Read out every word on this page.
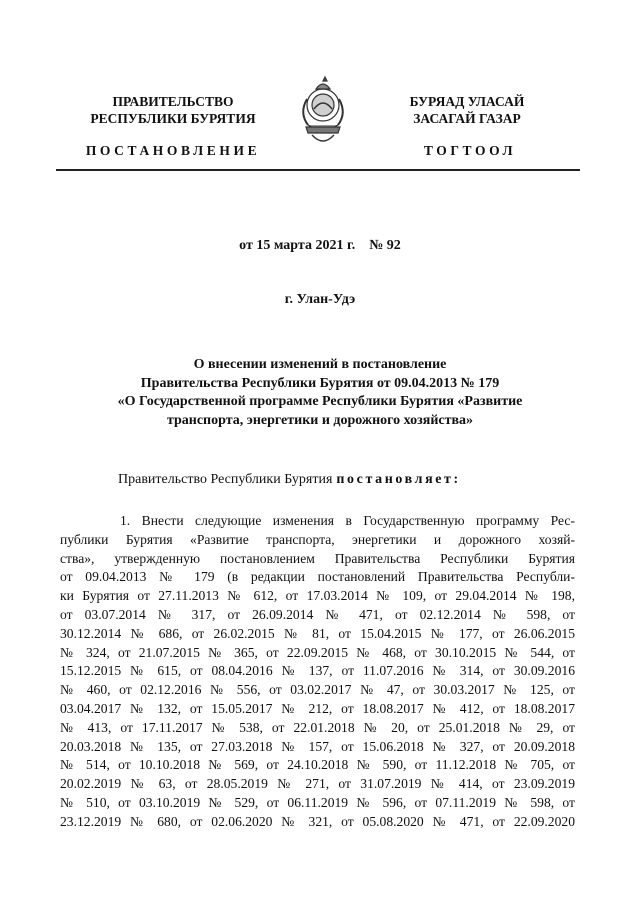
ПРАВИТЕЛЬСТВО
РЕСПУБЛИКИ БУРЯТИЯ
ПОСТАНОВЛЕНИЕ
БУРЯАД УЛАСАЙ
ЗАСАГАЙ ГАЗАР
ТОГТООЛ
от 15 марта 2021 г. № 92
г. Улан-Удэ
О внесении изменений в постановление
Правительства Республики Бурятия от 09.04.2013 № 179
«О Государственной программе Республики Бурятия «Развитие
транспорта, энергетики и дорожного хозяйства»
Правительство Республики Бурятия постановляет:
1. Внести следующие изменения в Государственную программу Рес-
публики Бурятия «Развитие транспорта, энергетики и дорожного хозяй-
ства», утвержденную постановлением Правительства Республики Бурятия
от 09.04.2013 № 179 (в редакции постановлений Правительства Республи-
ки Бурятия от 27.11.2013 № 612, от 17.03.2014 № 109, от 29.04.2014 № 198,
от 03.07.2014 № 317, от 26.09.2014 № 471, от 02.12.2014 № 598, от
30.12.2014 № 686, от 26.02.2015 № 81, от 15.04.2015 № 177, от 26.06.2015
№ 324, от 21.07.2015 № 365, от 22.09.2015 № 468, от 30.10.2015 № 544, от
15.12.2015 № 615, от 08.04.2016 № 137, от 11.07.2016 № 314, от 30.09.2016
№ 460, от 02.12.2016 № 556, от 03.02.2017 № 47, от 30.03.2017 № 125, от
03.04.2017 № 132, от 15.05.2017 № 212, от 18.08.2017 № 412, от 18.08.2017
№ 413, от 17.11.2017 № 538, от 22.01.2018 № 20, от 25.01.2018 № 29, от
20.03.2018 № 135, от 27.03.2018 № 157, от 15.06.2018 № 327, от 20.09.2018
№ 514, от 10.10.2018 № 569, от 24.10.2018 № 590, от 11.12.2018 № 705, от
20.02.2019 № 63, от 28.05.2019 № 271, от 31.07.2019 № 414, от 23.09.2019
№ 510, от 03.10.2019 № 529, от 06.11.2019 № 596, от 07.11.2019 № 598, от
23.12.2019 № 680, от 02.06.2020 № 321, от 05.08.2020 № 471, от 22.09.2020
